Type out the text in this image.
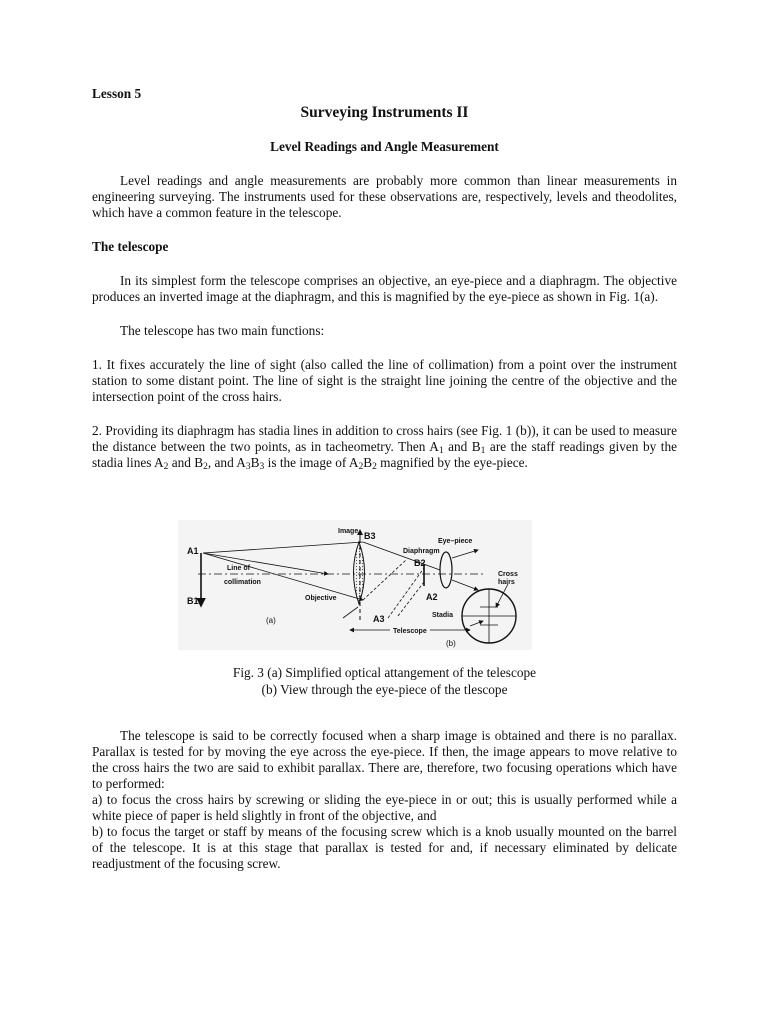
Lesson 5

Surveying Instruments II

Level Readings and Angle Measurement

Level readings and angle measurements are probably more common than linear measurements in engineering surveying. The instruments used for these observations are, respectively, levels and theodolites, which have a common feature in the telescope.

The telescope

In its simplest form the telescope comprises an objective, an eye-piece and a diaphragm. The objective produces an inverted image at the diaphragm, and this is magnified by the eye-piece as shown in Fig. 1(a).

The telescope has two main functions:

1. It fixes accurately the line of sight (also called the line of collimation) from a point over the instrument station to some distant point. The line of sight is the straight line joining the centre of the objective and the intersection point of the cross hairs.

2. Providing its diaphragm has stadia lines in addition to cross hairs (see Fig. 1 (b)), it can be used to measure the distance between the two points, as in tacheometry. Then $A_1$ and $B_1$ are the staff readings given by the stadia lines $A_2$ and $B_2$, and $A_3B_3$ is the image of $A_2B_2$ magnified by the eye-piece.

A1
B1
Image B3
Eye–piece
Diaphragm
B2
Line of
collimation
Objective	A2
Cross
hairs
Stadia
A3
Telescope
(a)
(b)
Fig. 3 (a) Simplified optical attangement of the telescope
(b) View through the eye-piece of the tlescope

The telescope is said to be correctly focused when a sharp image is obtained and there is no parallax. Parallax is tested for by moving the eye across the eye-piece. If then, the image appears to move relative to the cross hairs the two are said to exhibit parallax. There are, therefore, two focusing operations which have to performed:

a) to focus the cross hairs by screwing or sliding the eye-piece in or out; this is usually performed while a white piece of paper is held slightly in front of the objective, and

b) to focus the target or staff by means of the focusing screw which is a knob usually mounted on the barrel of the telescope. It is at this stage that parallax is tested for and, if necessary eliminated by delicate readjustment of the focusing screw.
